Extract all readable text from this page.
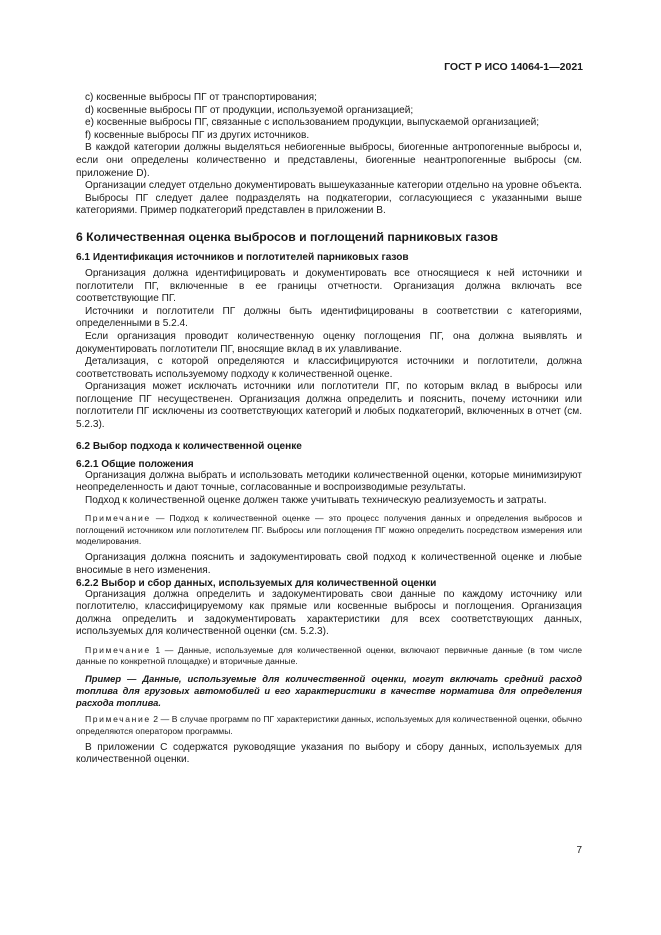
ГОСТ Р ИСО 14064-1—2021

c) косвенные выбросы ПГ от транспортирования;

d) косвенные выбросы ПГ от продукции, используемой организацией;

e) косвенные выбросы ПГ, связанные с использованием продукции, выпускаемой организацией;

f) косвенные выбросы ПГ из других источников.

В каждой категории должны выделяться небиогенные выбросы, биогенные антропогенные выбросы и, если они определены количественно и представлены, биогенные неантропогенные выбросы (см. приложение D).

Организации следует отдельно документировать вышеуказанные категории отдельно на уровне объекта.

Выбросы ПГ следует далее подразделять на подкатегории, согласующиеся с указанными выше категориями. Пример подкатегорий представлен в приложении В.

6 Количественная оценка выбросов и поглощений парниковых газов
6.1 Идентификация источников и поглотителей парниковых газов

Организация должна идентифицировать и документировать все относящиеся к ней источники и поглотители ПГ, включенные в ее границы отчетности. Организация должна включать все соответствующие ПГ.

Источники и поглотители ПГ должны быть идентифицированы в соответствии с категориями, определенными в 5.2.4.

Если организация проводит количественную оценку поглощения ПГ, она должна выявлять и документировать поглотители ПГ, вносящие вклад в их улавливание.

Детализация, с которой определяются и классифицируются источники и поглотители, должна соответствовать используемому подходу к количественной оценке.

Организация может исключать источники или поглотители ПГ, по которым вклад в выбросы или поглощение ПГ несущественен. Организация должна определить и пояснить, почему источники или поглотители ПГ исключены из соответствующих категорий и любых подкатегорий, включенных в отчет (см. 5.2.3).

6.2 Выбор подхода к количественной оценке
6.2.1 Общие положения

Организация должна выбрать и использовать методики количественной оценки, которые минимизируют неопределенность и дают точные, согласованные и воспроизводимые результаты.

Подход к количественной оценке должен также учитывать техническую реализуемость и затраты.

Примечание — Подход к количественной оценке — это процесс получения данных и определения выбросов и поглощений источником или поглотителем ПГ. Выбросы или поглощения ПГ можно определить посредством измерения или моделирования.

Организация должна пояснить и задокументировать свой подход к количественной оценке и любые вносимые в него изменения.

6.2.2 Выбор и сбор данных, используемых для количественной оценки

Организация должна определить и задокументировать свои данные по каждому источнику или поглотителю, классифицируемому как прямые или косвенные выбросы и поглощения. Организация должна определить и задокументировать характеристики для всех соответствующих данных, используемых для количественной оценки (см. 5.2.3).

Примечание 1 — Данные, используемые для количественной оценки, включают первичные данные (в том числе данные по конкретной площадке) и вторичные данные.

Пример — Данные, используемые для количественной оценки, могут включать средний расход топлива для грузовых автомобилей и его характеристики в качестве норматива для определения расхода топлива.

Примечание 2 — В случае программ по ПГ характеристики данных, используемых для количественной оценки, обычно определяются оператором программы.

В приложении С содержатся руководящие указания по выбору и сбору данных, используемых для количественной оценки.

7
